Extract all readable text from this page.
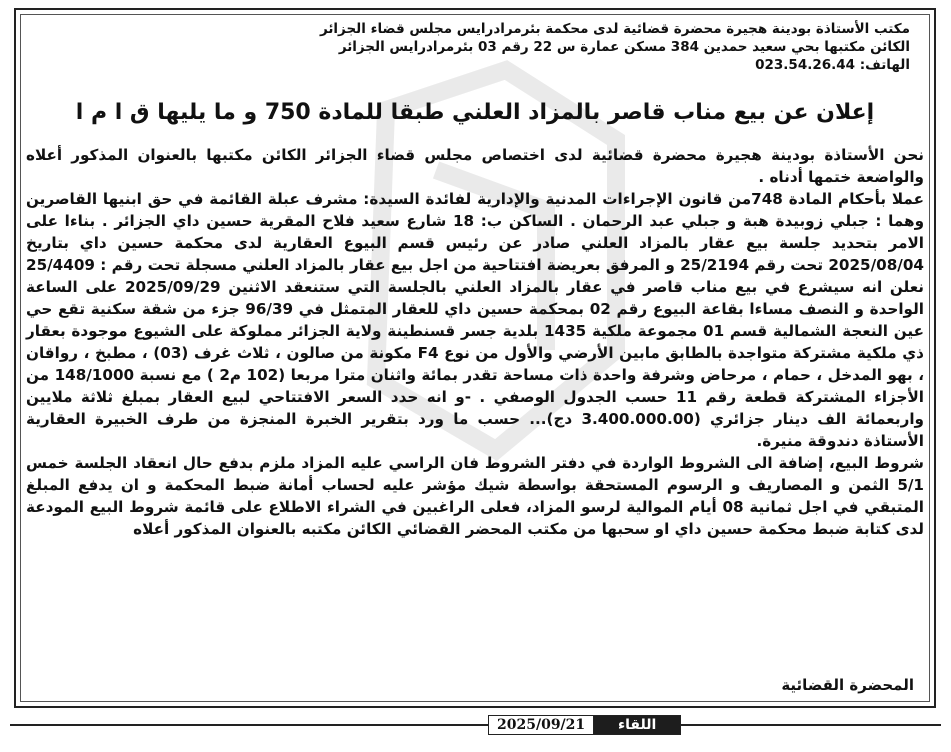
مكتب الأستاذة بودينة هجيرة محضرة قضائية لدى محكمة بئرمرادرايس مجلس قضاء الجزائر
الكائن مكتبها بحي سعيد حمدين 384 مسكن عمارة س 22 رقم 03 بئرمرادرايس الجزائر
الهاتف: 023.54.26.44
إعلان عن بيع مناب قاصر بالمزاد العلني طبقا للمادة 750 و ما يليها ق ا م ا

نحن الأستاذة بودينة هجيرة محضرة قضائية لدى اختصاص مجلس قضاء الجزائر الكائن مكتبها بالعنوان المذكور أعلاه والواضعة ختمها أدناه .

عملا بأحكام المادة 748من قانون الإجراءات المدنية والإدارية لفائدة السيدة: مشرف عبلة القائمة في حق ابنيها القاصرين وهما : جبلي زوبيدة هبة و جبلي عبد الرحمان . الساكن ب: 18 شارع سعيد فلاح المقرية حسين داي الجزائر . بناءا على الامر بتحديد جلسة بيع عقار بالمزاد العلني صادر عن رئيس قسم البيوع العقارية لدى محكمة حسين داي بتاريخ 2025/08/04 تحت رقم 25/2194 و المرفق بعريضة افتتاحية من اجل بيع عقار بالمزاد العلني مسجلة تحت رقم : 25/4409 نعلن انه سيشرع في بيع مناب قاصر في عقار بالمزاد العلني بالجلسة التي ستنعقد الاثنين 2025/09/29 على الساعة الواحدة و النصف مساءا بقاعة البيوع رقم 02 بمحكمة حسين داي للعقار المتمثل في 96/39 جزء من شقة سكنية تقع حي عين النعجة الشمالية قسم 01 مجموعة ملكية 1435 بلدية جسر قسنطينة ولاية الجزائر مملوكة على الشيوع موجودة بعقار ذي ملكية مشتركة متواجدة بالطابق مابين الأرضي والأول من نوع F4 مكونة من صالون ، ثلاث غرف (03) ، مطبخ ، رواقان ، بهو المدخل ، حمام ، مرحاض وشرفة واحدة ذات مساحة تقدر بمائة واثنان مترا مربعا (102 م2 ) مع نسبة 148/1000 من الأجزاء المشتركة قطعة رقم 11 حسب الجدول الوصفي . -و انه حدد السعر الافتتاحي لبيع العقار بمبلغ ثلاثة ملايين واربعمائة الف دينار جزائري (3.400.000.00 دج)... حسب ما ورد بتقرير الخبرة المنجزة من طرف الخبيرة العقارية الأستاذة دندوقة منيرة.

شروط البيع، إضافة الى الشروط الواردة في دفتر الشروط فان الراسي عليه المزاد ملزم بدفع حال انعقاد الجلسة خمس 5/1 الثمن و المصاريف و الرسوم المستحقة بواسطة شيك مؤشر عليه لحساب أمانة ضبط المحكمة و ان يدفع المبلغ المتبقي في اجل ثمانية 08 أيام الموالية لرسو المزاد، فعلى الراغبين في الشراء الاطلاع على قائمة شروط البيع المودعة لدى كتابة ضبط محكمة حسين داي او سحبها من مكتب المحضر القضائي الكائن مكتبه بالعنوان المذكور أعلاه

المحضرة القضائية
2025/09/21	اللقاء
